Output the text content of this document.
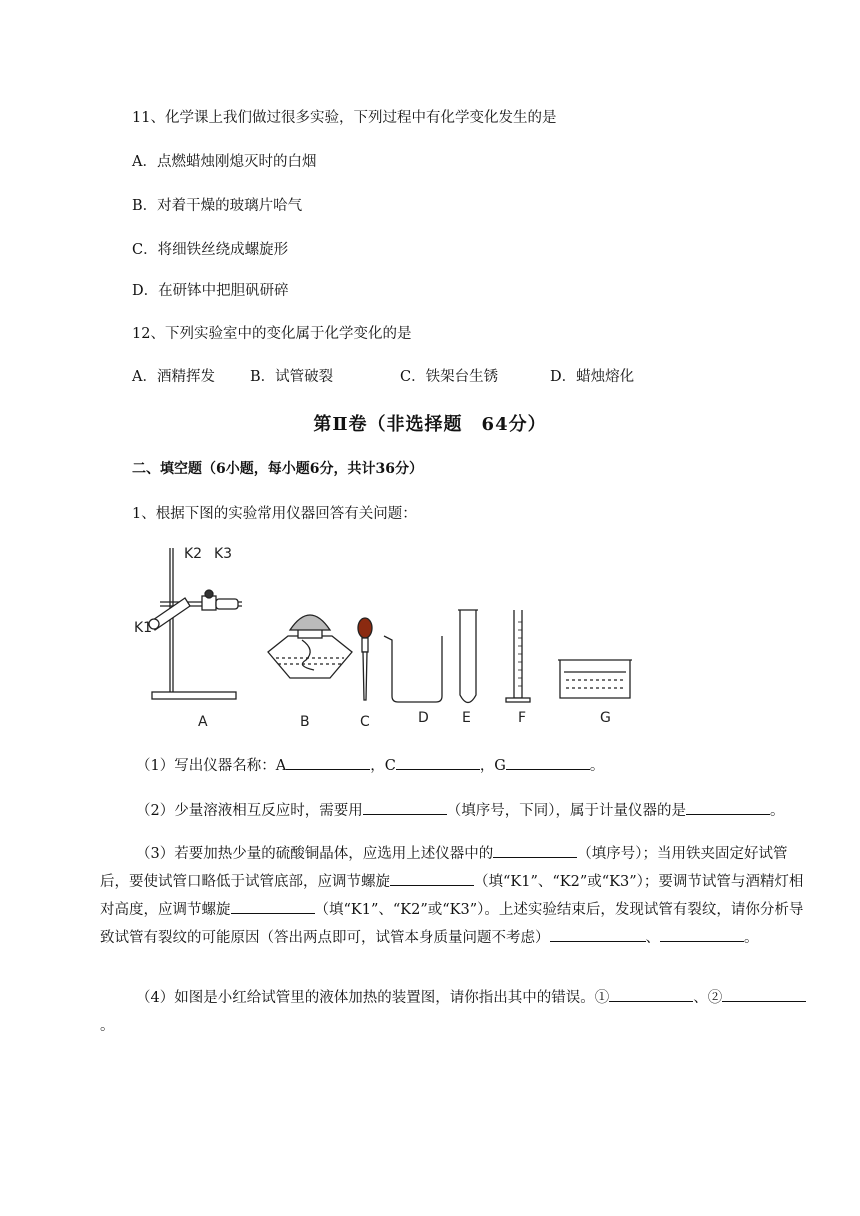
11、化学课上我们做过很多实验，下列过程中有化学变化发生的是
A．点燃蜡烛刚熄灭时的白烟
B．对着干燥的玻璃片哈气
C．将细铁丝绕成螺旋形
D．在研钵中把胆矾研碎
12、下列实验室中的变化属于化学变化的是
A．酒精挥发 B．试管破裂	C．铁架台生锈	D．蜡烛熔化
第Ⅱ卷（非选择题　64分）
二、填空题（6小题，每小题6分，共计36分）
1、根据下图的实验常用仪器回答有关问题：
K2 K3
K1
A	B	C	D E	F	G
（1）写出仪器名称：A	，C	，G	。
（2）少量溶液相互反应时，需要用	（填序号，下同），属于计量仪器的是	。
（3）若要加热少量的硫酸铜晶体，应选用上述仪器中的	（填序号）；当用铁夹固定好试管后，要使试管口略低于试管底部，应调节螺旋	（填“K1”、“K2”或“K3”）；要调节试管与酒精灯相对高度，应调节螺旋	（填“K1”、“K2”或“K3”）。上述实验结束后，发现试管有裂纹，请你分析导致试管有裂纹的可能原因（答出两点即可，试管本身质量问题不考虑）	、	。
（4）如图是小红给试管里的液体加热的装置图，请你指出其中的错误。①	、②。
